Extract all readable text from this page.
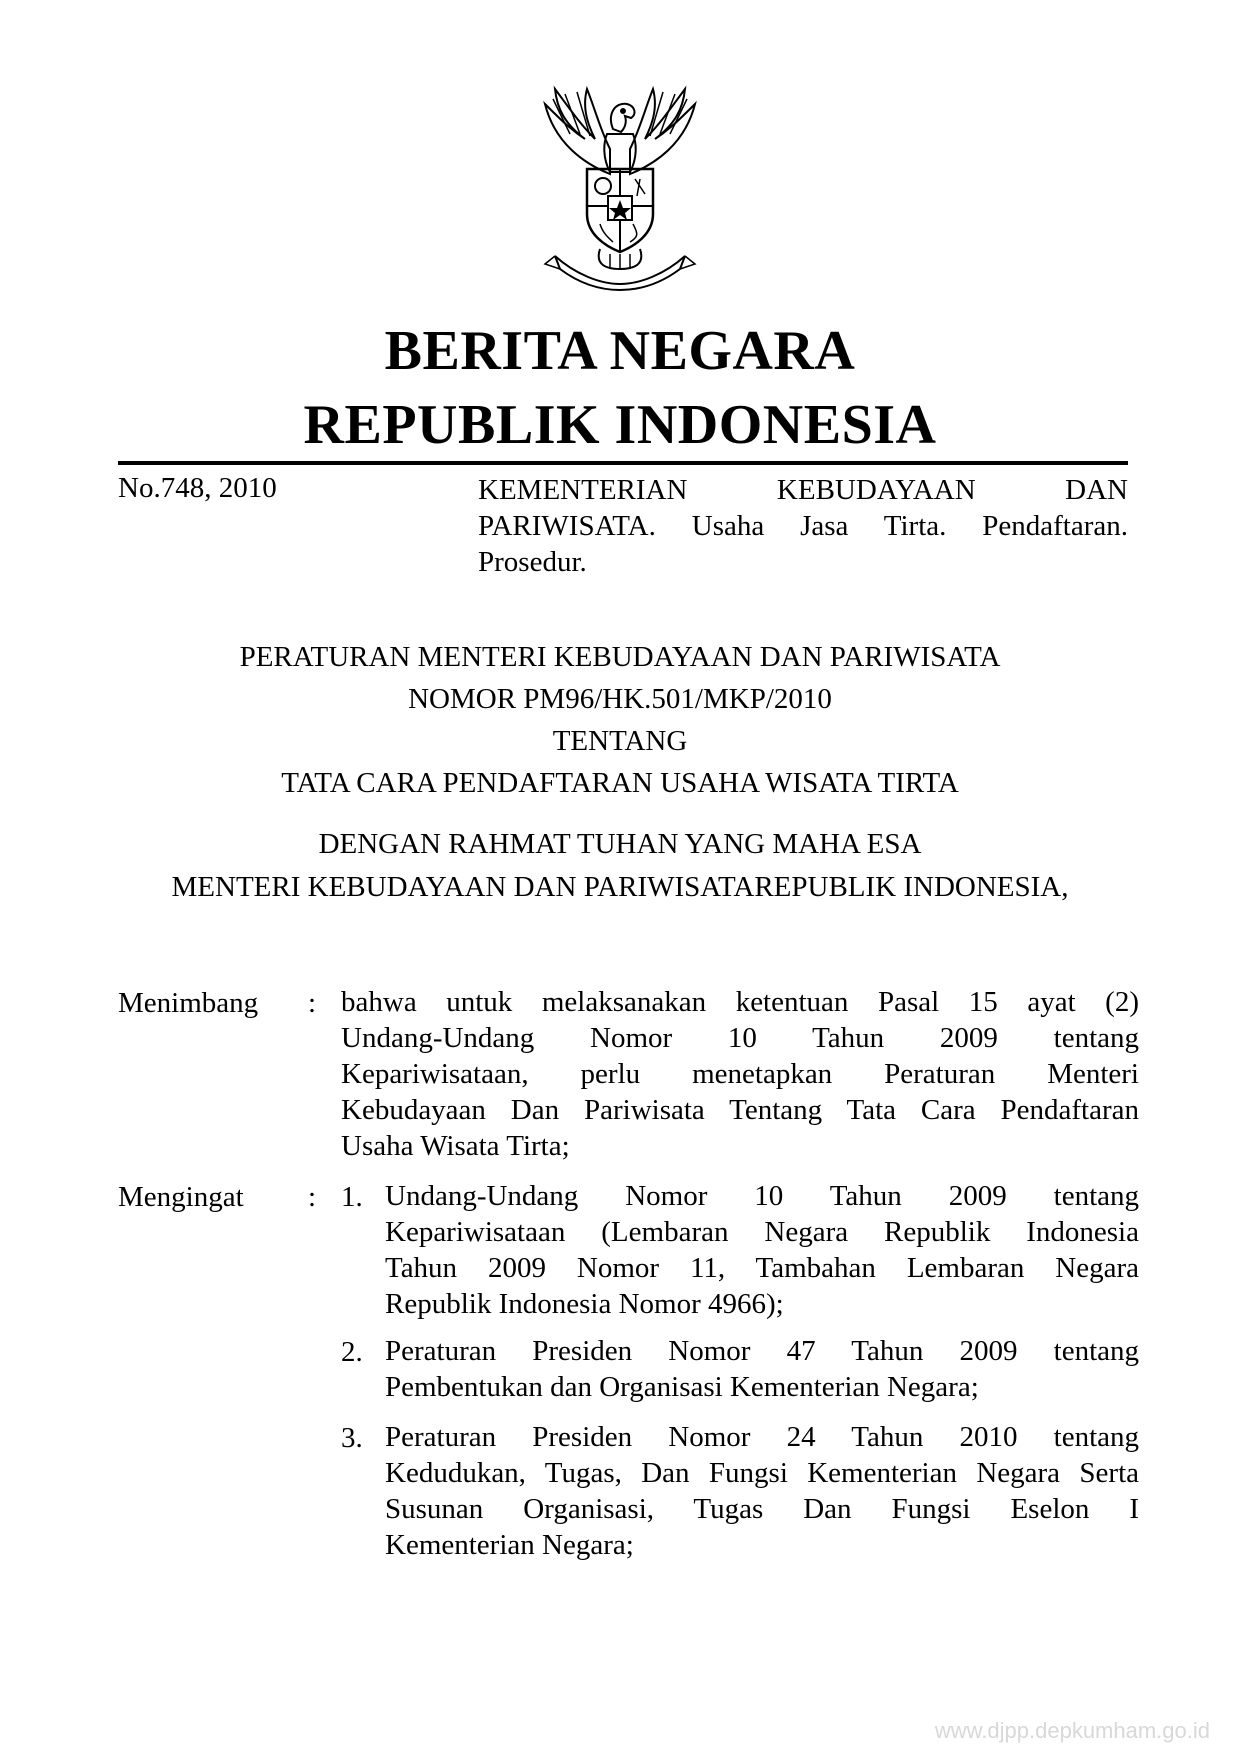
BERITA NEGARA
REPUBLIK INDONESIA
No.748, 2010	KEMENTERIAN KEBUDAYAAN DAN
PARIWISATA. Usaha Jasa Tirta. Pendaftaran.
Prosedur.
PERATURAN MENTERI KEBUDAYAAN DAN PARIWISATA
NOMOR PM96/HK.501/MKP/2010
TENTANG
TATA CARA PENDAFTARAN USAHA WISATA TIRTA
DENGAN RAHMAT TUHAN YANG MAHA ESA
MENTERI KEBUDAYAAN DAN PARIWISATAREPUBLIK INDONESIA,
Menimbang : bahwa untuk melaksanakan ketentuan Pasal 15 ayat (2)
Undang-Undang Nomor 10 Tahun 2009 tentang
Kepariwisataan, perlu menetapkan Peraturan Menteri
Kebudayaan Dan Pariwisata Tentang Tata Cara Pendaftaran
Usaha Wisata Tirta;
Mengingat : 1. Undang-Undang Nomor 10 Tahun 2009 tentang
Kepariwisataan (Lembaran Negara Republik Indonesia
Tahun 2009 Nomor 11, Tambahan Lembaran Negara
Republik Indonesia Nomor 4966);
2. Peraturan Presiden Nomor 47 Tahun 2009 tentang
Pembentukan dan Organisasi Kementerian Negara;
3. Peraturan Presiden Nomor 24 Tahun 2010 tentang
Kedudukan, Tugas, Dan Fungsi Kementerian Negara Serta
Susunan Organisasi, Tugas Dan Fungsi Eselon I
Kementerian Negara;
www.djpp.depkumham.go.id
